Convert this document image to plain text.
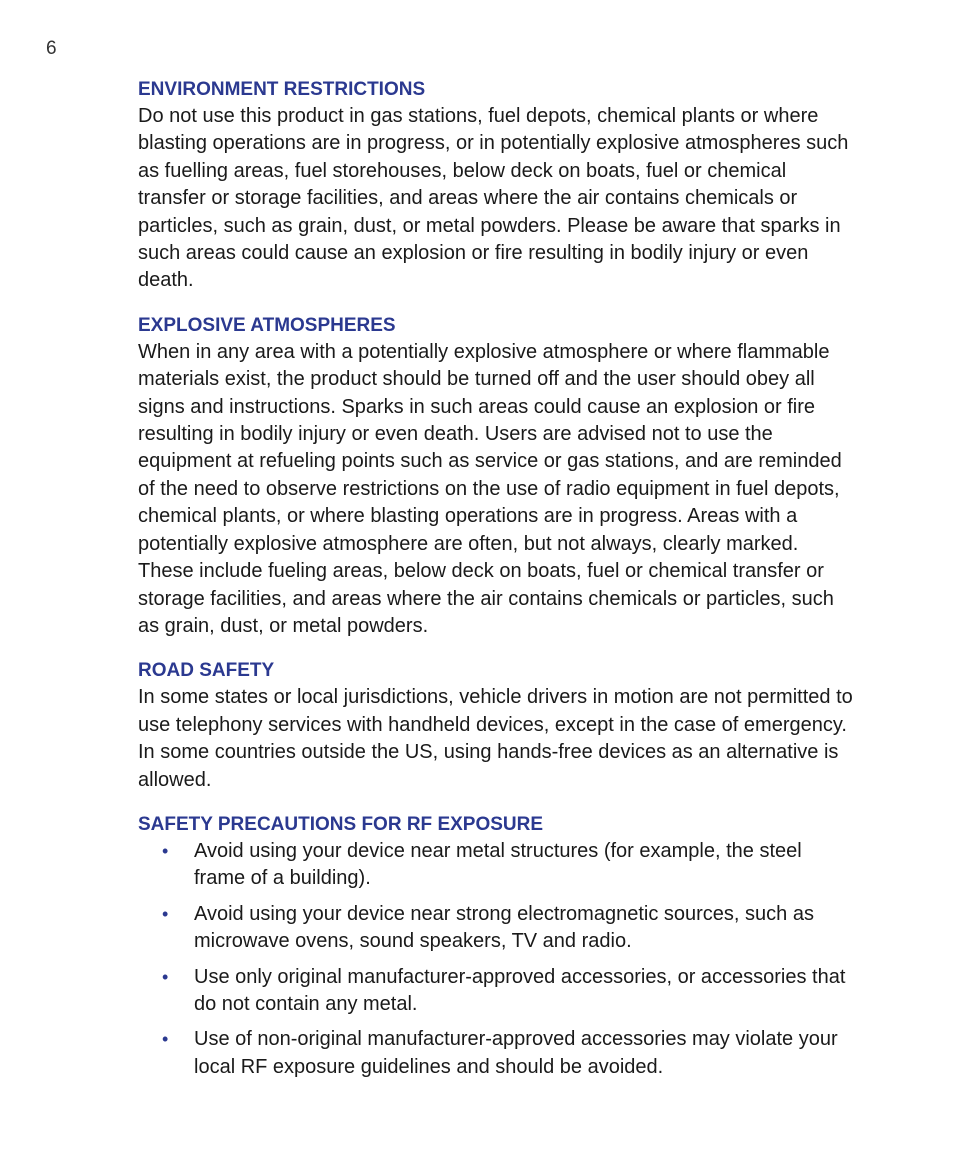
6
ENVIRONMENT RESTRICTIONS

Do not use this product in gas stations, fuel depots, chemical plants or where blasting operations are in progress, or in potentially explosive atmospheres such as fuelling areas, fuel storehouses, below deck on boats, fuel or chemical transfer or storage facilities, and areas where the air contains chemicals or particles, such as grain, dust, or metal powders. Please be aware that sparks in such areas could cause an explosion or fire resulting in bodily injury or even death.

EXPLOSIVE ATMOSPHERES

When in any area with a potentially explosive atmosphere or where flammable materials exist, the product should be turned off and the user should obey all signs and instructions. Sparks in such areas could cause an explosion or fire resulting in bodily injury or even death. Users are advised not to use the equipment at refueling points such as service or gas stations, and are reminded of the need to observe restrictions on the use of radio equipment in fuel depots, chemical plants, or where blasting operations are in progress. Areas with a potentially explosive atmosphere are often, but not always, clearly marked. These include fueling areas, below deck on boats, fuel or chemical transfer or storage facilities, and areas where the air contains chemicals or particles, such as grain, dust, or metal powders.

ROAD SAFETY

In some states or local jurisdictions, vehicle drivers in motion are not permitted to use telephony services with handheld devices, except in the case of emergency. In some countries outside the US, using hands-free devices as an alternative is allowed.

SAFETY PRECAUTIONS FOR RF EXPOSURE
• Avoid using your device near metal structures (for example, the steel frame of a building).
• Avoid using your device near strong electromagnetic sources, such as microwave ovens, sound speakers, TV and radio.
• Use only original manufacturer-approved accessories, or accessories that do not contain any metal.
• Use of non-original manufacturer-approved accessories may violate your local RF exposure guidelines and should be avoided.
